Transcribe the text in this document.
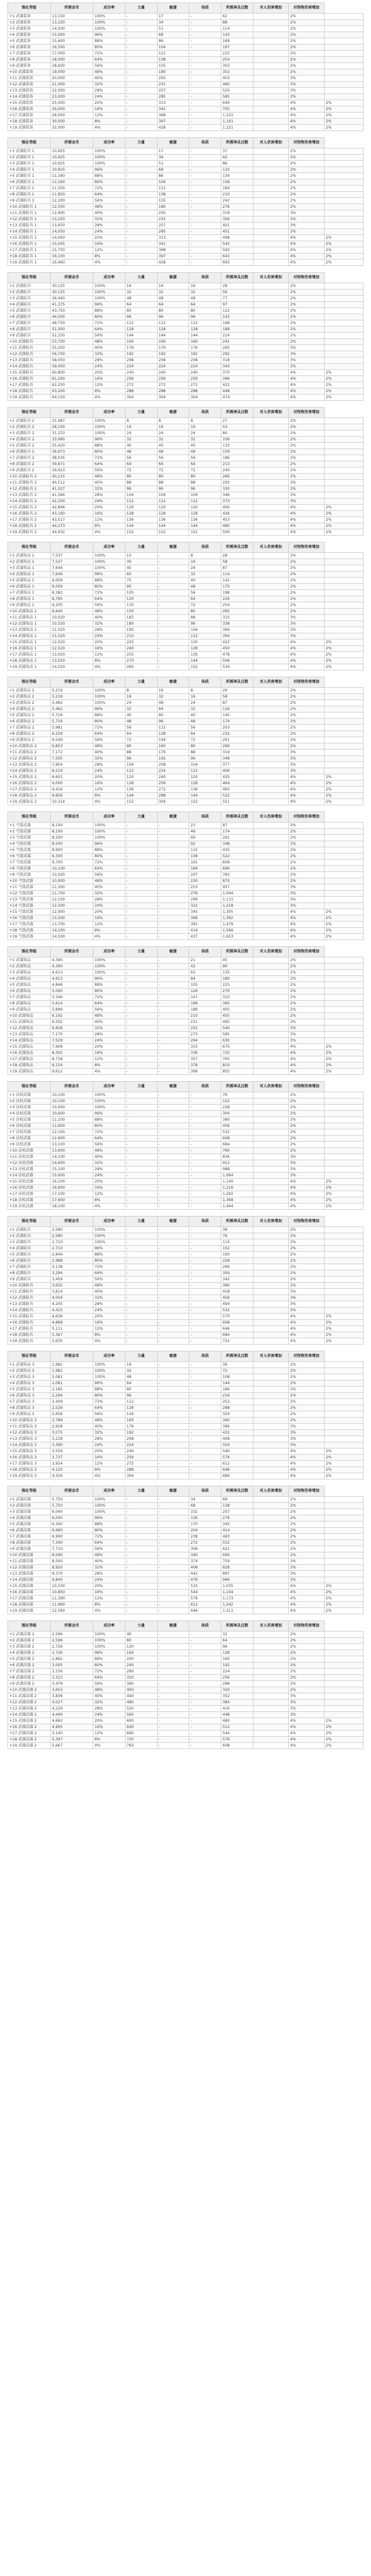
强化等级	所需金币	成功率	力量	敏捷	体质	所需神灵点数	对人伤害增加	对怪物伤害增加	
+1 武器装备	13,150	100%	-	17	-	62		2%	
+2 武器装备	13,250	100%	-	34	-	88		2%	
+3 武器装备	14,000	100%	-	51	-	114		2%	
+4 武器装备	15,000	96%	-	68	-	143		2%	
+5 武器装备	15,600	88%	-	86	-	169		2%	
+6 武器装备	16,500	80%	-	104	-	197		2%	
+7 武器装备	17,000	72%	-	121	-	225		2%	
+8 武器装备	18,000	64%	-	138	-	254		2%	
+9 武器装备	18,600	56%	-	155	-	302		2%	
+10 武器装备	19,000	48%	-	180	-	352		2%	
+11 武器装备	20,000	40%	-	205	-	403		3%	
+12 武器装备	21,000	32%	-	231	-	460		3%	
+13 武器装备	22,000	28%	-	257	-	520		3%	
+14 武器装备	23,000	24%	-	285	-	585		3%	
+15 武器装备	25,000	20%	-	313	-	640		4%	2%
+16 武器装备	26,000	16%	-	341	-	705		4%	2%
+17 武器装备	28,000	12%	-	368	-	1,101		4%	2%
+18 武器装备	30,000	8%	-	397	-	1,161		4%	2%
+19 武器装备	32,000	4%	-	428	-	1,221		4%	2%
强化等级	所需金币	成功率	力量	敏捷	体质	所需神灵点数	对人伤害增加	对怪物伤害增加	
+1 武器防具 1	10,925	100%	-	17	-	37		2%	
+2 武器防具 1	10,925	100%	-	34	-	62		2%	
+3 武器防具 1	10,925	100%	-	51	-	86		2%	
+4 武器防具 1	10,925	96%	-	68	-	110		2%	
+5 武器防具 1	11,160	88%	-	86	-	134		2%	
+6 武器防具 1	11,160	80%	-	104	-	158		2%	
+7 武器防具 1	11,500	72%	-	121	-	184		2%	
+8 武器防具 1	11,850	64%	-	138	-	210		2%	
+9 武器防具 1	12,200	56%	-	155	-	242		2%	
+10 武器防具 1	12,550	48%	-	180	-	276		2%	
+11 武器防具 1	12,900	40%	-	205	-	318		3%	
+12 武器防具 1	13,250	32%	-	231	-	356		3%	
+13 武器防具 1	13,650	28%	-	257	-	401		3%	
+14 武器防具 1	14,050	24%	-	285	-	451		3%	
+15 武器防具 1	14,450	20%	-	313	-	498		4%	2%
+16 武器防具 1	15,545	16%	-	341	-	543		4%	2%
+17 武器防具 1	15,750	12%	-	368	-	593		4%	2%
+18 武器防具 1	16,100	8%	-	397	-	643		4%	2%
+19 武器防具 1	16,460	4%	-	428	-	693		4%	2%
强化等级	所需金币	成功率	力量	敏捷	体质	所需神灵点数	对人伤害增加	对怪物伤害增加	
+1 武器防具	30,125	100%	16	16	16	28		2%	
+2 武器防具	30,125	100%	32	32	32	56		2%	
+3 武器防具	36,440	100%	48	48	48	77		2%	
+4 武器防具	41,375	96%	64	64	64	97		2%	
+5 武器防具	43,750	88%	80	80	80	122		2%	
+6 武器防具	46,500	80%	96	96	96	143		2%	
+7 武器防具	48,750	72%	112	112	112	168		2%	
+8 武器防具	51,000	64%	128	128	128	189		2%	
+9 武器防具	52,250	56%	144	144	144	214		2%	
+10 武器防具	53,700	48%	160	160	160	241		2%	
+11 武器防具	55,350	40%	176	176	176	265		3%	
+12 武器防具	56,750	32%	192	192	192	292		3%	
+13 武器防具	58,050	28%	208	208	208	318		3%	
+14 武器防具	59,450	24%	224	224	224	343		3%	
+15 武器防具	60,800	20%	240	240	240	370		4%	2%
+16 武器防具	61,200	16%	256	256	256	396		4%	2%
+17 武器防具	62,250	12%	272	272	272	422		4%	2%
+18 武器防具	63,200	8%	288	288	288	448		4%	2%
+19 武器防具	64,150	4%	304	304	304	474		4%	2%
强化等级	所需金币	成功率	力量	敏捷	体质	所需神灵点数	对人伤害增加	对怪物伤害增加	
+1 武器防具 2	25,987	100%	8	8	8	27		2%	
+2 武器防具 2	28,100	100%	16	16	16	53		2%	
+3 武器防具 2	31,253	100%	24	24	24	80		2%	
+4 武器防具 2	33,680	96%	32	32	32	106		2%	
+5 武器防具 2	35,420	88%	40	40	40	133		2%	
+6 武器防具 2	36,973	80%	48	48	48	159		2%	
+7 武器防具 2	38,035	72%	56	56	56	186		2%	
+8 武器防具 2	39,671	64%	64	64	64	213		2%	
+9 武器防具 2	39,923	56%	72	72	72	240		2%	
+10 武器防具 2	40,215	48%	80	80	80	266		2%	
+11 武器防具 2	40,512	40%	88	88	88	293		3%	
+12 武器防具 2	41,027	32%	96	96	96	320		3%	
+13 武器防具 2	41,584	28%	104	104	104	346		3%	
+14 武器防具 2	42,200	24%	112	112	112	373		3%	
+15 武器防具 2	42,846	20%	120	120	120	400		4%	2%
+16 武器防具 2	43,160	16%	128	128	128	426		4%	2%
+17 武器防具 2	43,517	12%	136	136	136	453		4%	2%
+18 武器防具 2	44,273	8%	144	144	144	480		4%	2%
+19 武器防具 2	44,932	4%	152	152	152	506		4%	2%
强化等级	所需金币	成功率	力量	敏捷	体质	所需神灵点数	对人伤害增加	对怪物伤害增加	
+1 武器饰品 1	7,537	100%	15	-	8	28		2%	
+2 武器饰品 1	7,537	100%	30	-	16	58		2%	
+3 武器饰品 1	7,646	100%	45	-	24	87		2%	
+4 武器饰品 1	7,646	96%	60	-	32	114		2%	
+5 武器饰品 1	8,009	88%	75	-	40	142		2%	
+6 武器饰品 1	8,009	80%	90	-	48	170		2%	
+7 武器饰品 1	8,382	72%	105	-	56	198		2%	
+8 武器饰品 1	8,785	64%	120	-	64	226		2%	
+9 武器饰品 1	9,205	56%	135	-	72	254		2%	
+10 武器饰品 1	9,640	48%	150	-	80	282		2%	
+11 武器饰品 1	10,020	40%	165	-	88	310		3%	
+12 武器饰品 1	10,520	32%	180	-	96	338		3%	
+13 武器饰品 1	11,020	28%	195	-	104	366		3%	
+14 武器饰品 1	11,520	24%	210	-	112	394		3%	
+15 武器饰品 1	12,020	20%	225	-	120	422		4%	2%
+16 武器饰品 1	12,520	16%	240	-	128	450		4%	2%
+17 武器饰品 1	13,020	12%	255	-	136	478		4%	2%
+18 武器饰品 1	13,520	8%	270	-	144	506		4%	2%
+19 武器饰品 1	14,020	4%	285	-	152	534		4%	2%
强化等级	所需金币	成功率	力量	敏捷	体质	所需神灵点数	对人伤害增加	对怪物伤害增加	
+1 武器饰品 2	5,219	100%	8	16	8	29		2%	
+2 武器饰品 2	5,219	100%	16	32	16	58		2%	
+3 武器饰品 2	5,462	100%	24	48	24	87		2%	
+4 武器饰品 2	5,462	96%	32	64	32	116		2%	
+5 武器饰品 2	5,716	88%	40	80	40	145		2%	
+6 武器饰品 2	5,716	80%	48	96	48	174		2%	
+7 武器饰品 2	5,981	72%	56	112	56	203		2%	
+8 武器饰品 2	6,259	64%	64	128	64	232		2%	
+9 武器饰品 2	6,549	56%	72	144	72	261		2%	
+10 武器饰品 2	6,853	48%	80	160	80	290		2%	
+11 武器饰品 2	7,172	40%	88	176	88	319		3%	
+12 武器饰品 2	7,505	32%	96	192	96	348		3%	
+13 武器饰品 2	7,854	28%	104	208	104	377		3%	
+14 武器饰品 2	8,219	24%	112	224	112	406		3%	
+15 武器饰品 2	8,601	20%	120	240	120	435		4%	2%
+16 武器饰品 2	9,000	16%	128	256	128	464		4%	2%
+17 武器饰品 2	9,418	12%	136	272	136	493		4%	2%
+18 武器饰品 2	9,856	8%	144	288	144	522		4%	2%
+19 武器饰品 2	10,314	4%	152	304	152	551		4%	2%
强化等级	所需金币	成功率	力量	敏捷	体质	所需神灵点数	对人伤害增加	对怪物伤害增加	
+1 弓箭武器	8,100	100%	-	-	23	87		2%	
+2 弓箭武器	8,100	100%	-	-	46	174		2%	
+3 弓箭武器	8,500	100%	-	-	69	261		2%	
+4 弓箭武器	8,500	96%	-	-	92	348		2%	
+5 弓箭武器	8,900	88%	-	-	115	435		2%	
+6 弓箭武器	9,300	80%	-	-	138	522		2%	
+7 弓箭武器	9,700	72%	-	-	161	609		2%	
+8 弓箭武器	10,100	64%	-	-	184	696		2%	
+9 弓箭武器	10,500	56%	-	-	207	783		2%	
+10 弓箭武器	10,900	48%	-	-	230	870		2%	
+11 弓箭武器	11,300	40%	-	-	253	957		3%	
+12 弓箭武器	11,700	32%	-	-	276	1,044		3%	
+13 弓箭武器	12,100	28%	-	-	299	1,131		3%	
+14 弓箭武器	12,500	24%	-	-	322	1,218		3%	
+15 弓箭武器	12,900	20%	-	-	345	1,305		4%	2%
+16 弓箭武器	13,300	16%	-	-	368	1,392		4%	2%
+17 弓箭武器	13,700	12%	-	-	391	1,479		4%	2%
+18 弓箭武器	14,100	8%	-	-	414	1,566		4%	2%
+19 弓箭武器	14,500	4%	-	-	437	1,653		4%	2%
强化等级	所需金币	成功率	力量	敏捷	体质	所需神灵点数	对人伤害增加	对怪物伤害增加	
+1 武器饰品	4,390	100%	-	-	21	45		2%	
+2 武器饰品	4,390	100%	-	-	42	90		2%	
+3 武器饰品	4,613	100%	-	-	63	135		2%	
+4 武器饰品	4,613	96%	-	-	84	180		2%	
+5 武器饰品	4,846	88%	-	-	105	225		2%	
+6 武器饰品	5,090	80%	-	-	126	270		2%	
+7 武器饰品	5,346	72%	-	-	147	315		2%	
+8 武器饰品	5,614	64%	-	-	168	360		2%	
+9 武器饰品	5,896	56%	-	-	189	405		2%	
+10 武器饰品	6,192	48%	-	-	210	450		2%	
+11 武器饰品	6,502	40%	-	-	231	495		3%	
+12 武器饰品	6,828	32%	-	-	252	540		3%	
+13 武器饰品	7,170	28%	-	-	273	585		3%	
+14 武器饰品	7,529	24%	-	-	294	630		3%	
+15 武器饰品	7,906	20%	-	-	315	675		4%	2%
+16 武器饰品	8,302	16%	-	-	336	720		4%	2%
+17 武器饰品	8,718	12%	-	-	357	765		4%	2%
+18 武器饰品	9,154	8%	-	-	378	810		4%	2%
+19 武器饰品	9,612	4%	-	-	399	855		4%	2%
强化等级	所需金币	成功率	力量	敏捷	体质	所需神灵点数	对人伤害增加	对怪物伤害增加	
+1 法杖武器	10,100	100%	-	-	-	76		2%	
+2 法杖武器	10,100	100%	-	-	-	152		2%	
+3 法杖武器	10,600	100%	-	-	-	228		2%	
+4 法杖武器	10,600	96%	-	-	-	304		2%	
+5 法杖武器	11,100	88%	-	-	-	380		2%	
+6 法杖武器	11,600	80%	-	-	-	456		2%	
+7 法杖武器	12,100	72%	-	-	-	532		2%	
+8 法杖武器	12,600	64%	-	-	-	608		2%	
+9 法杖武器	13,100	56%	-	-	-	684		2%	
+10 法杖武器	13,600	48%	-	-	-	760		2%	
+11 法杖武器	14,100	40%	-	-	-	836		3%	
+12 法杖武器	14,600	32%	-	-	-	912		3%	
+13 法杖武器	15,100	28%	-	-	-	988		3%	
+14 法杖武器	15,600	24%	-	-	-	1,064		3%	
+15 法杖武器	16,100	20%	-	-	-	1,140		4%	2%
+16 法杖武器	16,600	16%	-	-	-	1,216		4%	2%
+17 法杖武器	17,100	12%	-	-	-	1,292		4%	2%
+18 法杖武器	17,600	8%	-	-	-	1,368		4%	2%
+19 法杖武器	18,100	4%	-	-	-	1,444		4%	2%
强化等级	所需金币	成功率	力量	敏捷	体质	所需神灵点数	对人伤害增加	对怪物伤害增加	
+1 武器防具	2,580	100%	-	-	-	38		2%	
+2 武器防具	2,580	100%	-	-	-	76		2%	
+3 武器防具	2,710	100%	-	-	-	114		2%	
+4 武器防具	2,710	96%	-	-	-	152		2%	
+5 武器防具	2,846	88%	-	-	-	190		2%	
+6 武器防具	2,988	80%	-	-	-	228		2%	
+7 武器防具	3,138	72%	-	-	-	266		2%	
+8 武器防具	3,294	64%	-	-	-	304		2%	
+9 武器防具	3,459	56%	-	-	-	342		2%	
+10 武器防具	3,632	48%	-	-	-	380		2%	
+11 武器防具	3,814	40%	-	-	-	418		3%	
+12 武器防具	4,004	32%	-	-	-	456		3%	
+13 武器防具	4,205	28%	-	-	-	494		3%	
+14 武器防具	4,415	24%	-	-	-	532		3%	
+15 武器防具	4,636	20%	-	-	-	570		4%	2%
+16 武器防具	4,868	16%	-	-	-	608		4%	2%
+17 武器防具	5,111	12%	-	-	-	646		4%	2%
+18 武器防具	5,367	8%	-	-	-	684		4%	2%
+19 武器防具	5,635	4%	-	-	-	722		4%	2%
强化等级	所需金币	成功率	力量	敏捷	体质	所需神灵点数	对人伤害增加	对怪物伤害增加	
+1 武器饰品 3	1,982	100%	16	-	-	36		2%	
+2 武器饰品 3	1,982	100%	32	-	-	72		2%	
+3 武器饰品 3	2,081	100%	48	-	-	108		2%	
+4 武器饰品 3	2,081	96%	64	-	-	144		2%	
+5 武器饰品 3	2,185	88%	80	-	-	180		2%	
+6 武器饰品 3	2,294	80%	96	-	-	216		2%	
+7 武器饰品 3	2,409	72%	112	-	-	252		2%	
+8 武器饰品 3	2,529	64%	128	-	-	288		2%	
+9 武器饰品 3	2,656	56%	144	-	-	324		2%	
+10 武器饰品 3	2,789	48%	160	-	-	360		2%	
+11 武器饰品 3	2,928	40%	176	-	-	396		3%	
+12 武器饰品 3	3,075	32%	192	-	-	432		3%	
+13 武器饰品 3	3,228	28%	208	-	-	468		3%	
+14 武器饰品 3	3,390	24%	224	-	-	504		3%	
+15 武器饰品 3	3,559	20%	240	-	-	540		4%	2%
+16 武器饰品 3	3,737	16%	256	-	-	576		4%	2%
+17 武器饰品 3	3,924	12%	272	-	-	612		4%	2%
+18 武器饰品 3	4,120	8%	288	-	-	648		4%	2%
+19 武器饰品 3	4,326	4%	304	-	-	684		4%	2%
强化等级	所需金币	成功率	力量	敏捷	体质	所需神灵点数	对人伤害增加	对怪物伤害增加	
+1 武器法器	5,750	100%	-	-	34	69		2%	
+2 武器法器	5,750	100%	-	-	68	138		2%	
+3 武器法器	6,040	100%	-	-	102	207		2%	
+4 武器法器	6,040	96%	-	-	136	276		2%	
+5 武器法器	6,340	88%	-	-	170	345		2%	
+6 武器法器	6,660	80%	-	-	204	414		2%	
+7 武器法器	6,990	72%	-	-	238	483		2%	
+8 武器法器	7,340	64%	-	-	272	552		2%	
+9 武器法器	7,710	56%	-	-	306	621		2%	
+10 武器法器	8,090	48%	-	-	340	690		2%	
+11 武器法器	8,500	40%	-	-	374	759		3%	
+12 武器法器	8,920	32%	-	-	408	828		3%	
+13 武器法器	9,370	28%	-	-	442	897		3%	
+14 武器法器	9,840	24%	-	-	476	966		3%	
+15 武器法器	10,330	20%	-	-	510	1,035		4%	2%
+16 武器法器	10,850	16%	-	-	544	1,104		4%	2%
+17 武器法器	11,390	12%	-	-	578	1,173		4%	2%
+18 武器法器	11,960	8%	-	-	612	1,242		4%	2%
+19 武器法器	12,560	4%	-	-	646	1,311		4%	2%
强化等级	所需金币	成功率	力量	敏捷	体质	所需神灵点数	对人伤害增加	对怪物伤害增加	
+1 武器法器 2	2,596	100%	40	-	-	32		2%	
+2 武器法器 2	2,596	100%	80	-	-	64		2%	
+3 武器法器 2	2,726	100%	120	-	-	96		2%	
+4 武器法器 2	2,726	96%	160	-	-	128		2%	
+5 武器法器 2	2,862	88%	200	-	-	160		2%	
+6 武器法器 2	3,005	80%	240	-	-	192		2%	
+7 武器法器 2	3,156	72%	280	-	-	224		2%	
+8 武器法器 2	3,313	64%	320	-	-	256		2%	
+9 武器法器 2	3,479	56%	360	-	-	288		2%	
+10 武器法器 2	3,653	48%	400	-	-	320		2%	
+11 武器法器 2	3,836	40%	440	-	-	352		3%	
+12 武器法器 2	4,027	32%	480	-	-	384		3%	
+13 武器法器 2	4,229	28%	520	-	-	416		3%	
+14 武器法器 2	4,440	24%	560	-	-	448		3%	
+15 武器法器 2	4,662	20%	600	-	-	480		4%	2%
+16 武器法器 2	4,895	16%	640	-	-	512		4%	2%
+17 武器法器 2	5,140	12%	680	-	-	544		4%	2%
+18 武器法器 2	5,397	8%	720	-	-	576		4%	2%
+19 武器法器 2	5,667	4%	760	-	-	608		4%	2%
